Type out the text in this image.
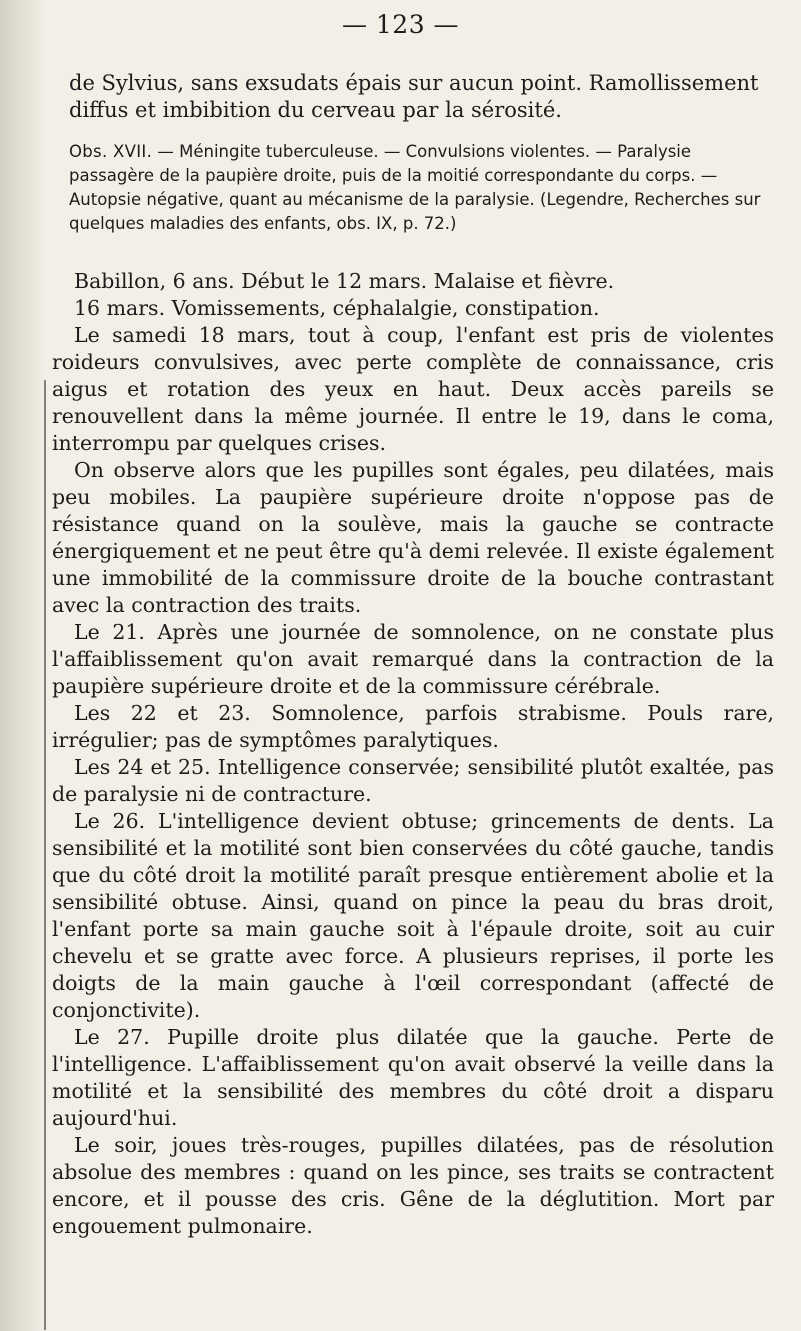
— 123 —

de Sylvius, sans exsudats épais sur aucun point. Ramollissement diffus et imbibition du cerveau par la sérosité.

Obs. XVII. — Méningite tuberculeuse. — Convulsions violentes. — Paralysie passagère de la paupière droite, puis de la moitié correspondante du corps. — Autopsie négative, quant au mécanisme de la paralysie. (Legendre, Recherches sur quelques maladies des enfants, obs. IX, p. 72.)

Babillon, 6 ans. Début le 12 mars. Malaise et fièvre.

16 mars. Vomissements, céphalalgie, constipation.

Le samedi 18 mars, tout à coup, l'enfant est pris de violentes roideurs convulsives, avec perte complète de connaissance, cris aigus et rotation des yeux en haut. Deux accès pareils se renouvellent dans la même journée. Il entre le 19, dans le coma, interrompu par quelques crises.

On observe alors que les pupilles sont égales, peu dilatées, mais peu mobiles. La paupière supérieure droite n'oppose pas de résistance quand on la soulève, mais la gauche se contracte énergiquement et ne peut être qu'à demi relevée. Il existe également une immobilité de la commissure droite de la bouche contrastant avec la contraction des traits.

Le 21. Après une journée de somnolence, on ne constate plus l'affaiblissement qu'on avait remarqué dans la contraction de la paupière supérieure droite et de la commissure cérébrale.

Les 22 et 23. Somnolence, parfois strabisme. Pouls rare, irrégulier; pas de symptômes paralytiques.

Les 24 et 25. Intelligence conservée; sensibilité plutôt exaltée, pas de paralysie ni de contracture.

Le 26. L'intelligence devient obtuse; grincements de dents. La sensibilité et la motilité sont bien conservées du côté gauche, tandis que du côté droit la motilité paraît presque entièrement abolie et la sensibilité obtuse. Ainsi, quand on pince la peau du bras droit, l'enfant porte sa main gauche soit à l'épaule droite, soit au cuir chevelu et se gratte avec force. A plusieurs reprises, il porte les doigts de la main gauche à l'œil correspondant (affecté de conjonctivite).

Le 27. Pupille droite plus dilatée que la gauche. Perte de l'intelligence. L'affaiblissement qu'on avait observé la veille dans la motilité et la sensibilité des membres du côté droit a disparu aujourd'hui.

Le soir, joues très-rouges, pupilles dilatées, pas de résolution absolue des membres : quand on les pince, ses traits se contractent encore, et il pousse des cris. Gêne de la déglutition. Mort par engouement pulmonaire.
